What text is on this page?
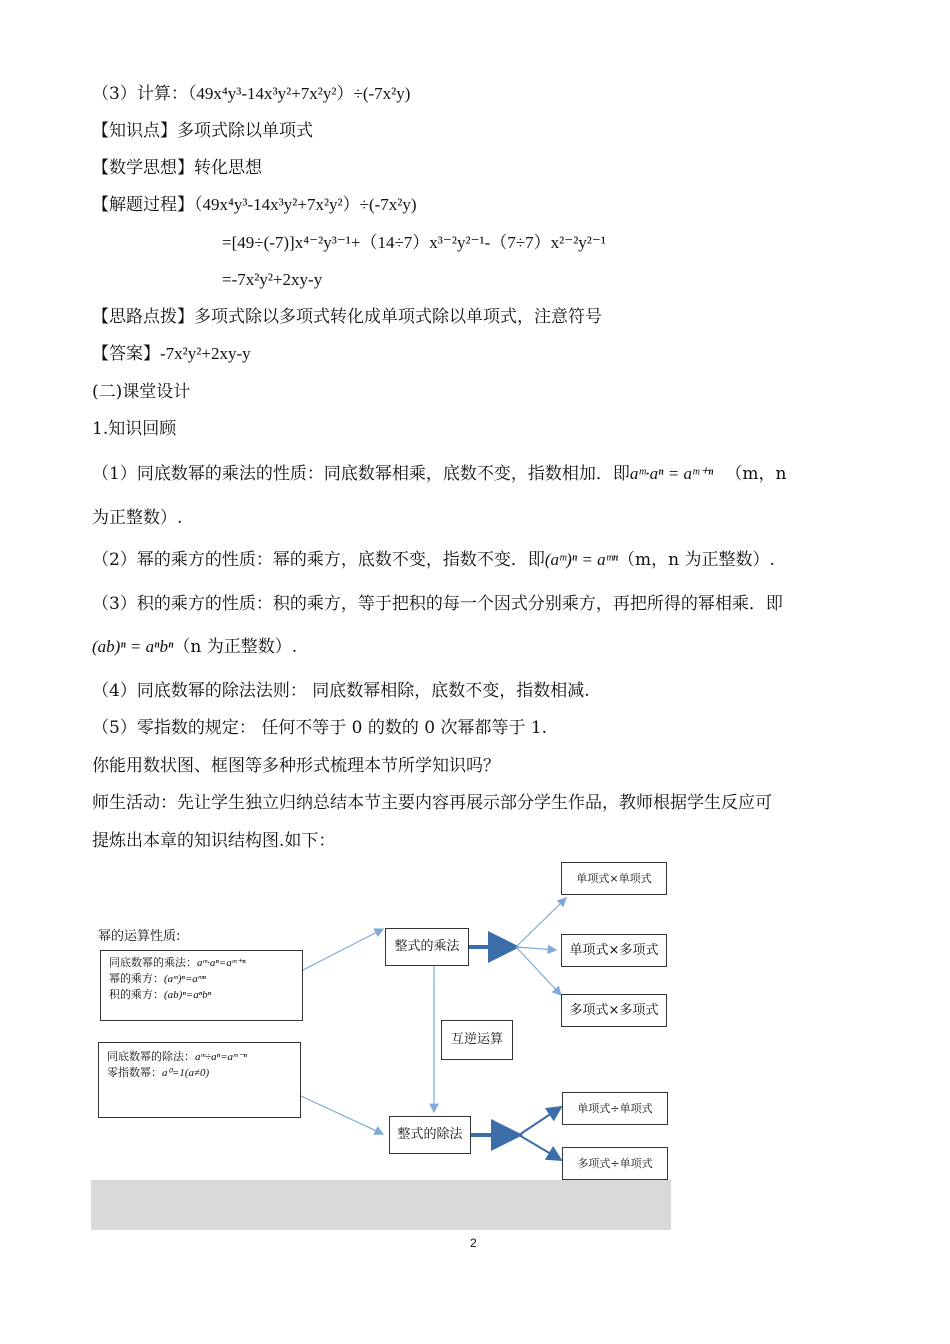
（3）计算：（49x⁴y³-14x³y²+7x²y²）÷(-7x²y)
【知识点】多项式除以单项式
【数学思想】转化思想
【解题过程】（49x⁴y³-14x³y²+7x²y²）÷(-7x²y)
=[49÷(-7)]x⁴⁻²y³⁻¹+（14÷7）x³⁻²y²⁻¹-（7÷7）x²⁻²y²⁻¹
=-7x²y²+2xy-y
【思路点拨】多项式除以多项式转化成单项式除以单项式，注意符号
【答案】-7x²y²+2xy-y
(二)课堂设计
1.知识回顾
（1）同底数幂的乘法的性质：同底数幂相乘，底数不变，指数相加．即aᵐ·aⁿ = aᵐ⁺ⁿ （m，n
为正整数）.
（2）幂的乘方的性质：幂的乘方，底数不变，指数不变．即(aᵐ)ⁿ = aᵐⁿ（m，n 为正整数）.
（3）积的乘方的性质：积的乘方，等于把积的每一个因式分别乘方，再把所得的幂相乘．即
(ab)ⁿ = aⁿbⁿ（n 为正整数）.
（4）同底数幂的除法法则： 同底数幂相除，底数不变，指数相减.
（5）零指数的规定： 任何不等于 0 的数的 0 次幂都等于 1.
你能用数状图、框图等多种形式梳理本节所学知识吗？
师生活动：先让学生独立归纳总结本节主要内容再展示部分学生作品，教师根据学生反应可
提炼出本章的知识结构图.如下：
幂的运算性质:
同底数幂的乘法：aᵐ·aⁿ=aᵐ⁺ⁿ
幂的乘方：(aᵐ)ⁿ=aᵐⁿ
积的乘方：(ab)ⁿ=aⁿbⁿ
同底数幂的除法：aᵐ÷aⁿ=aᵐ⁻ⁿ
零指数幂：a⁰=1(a≠0)
整式的乘法
整式的除法
互逆运算
单项式×单项式
单项式×多项式
多项式×多项式
单项式÷单项式
多项式÷单项式
2
